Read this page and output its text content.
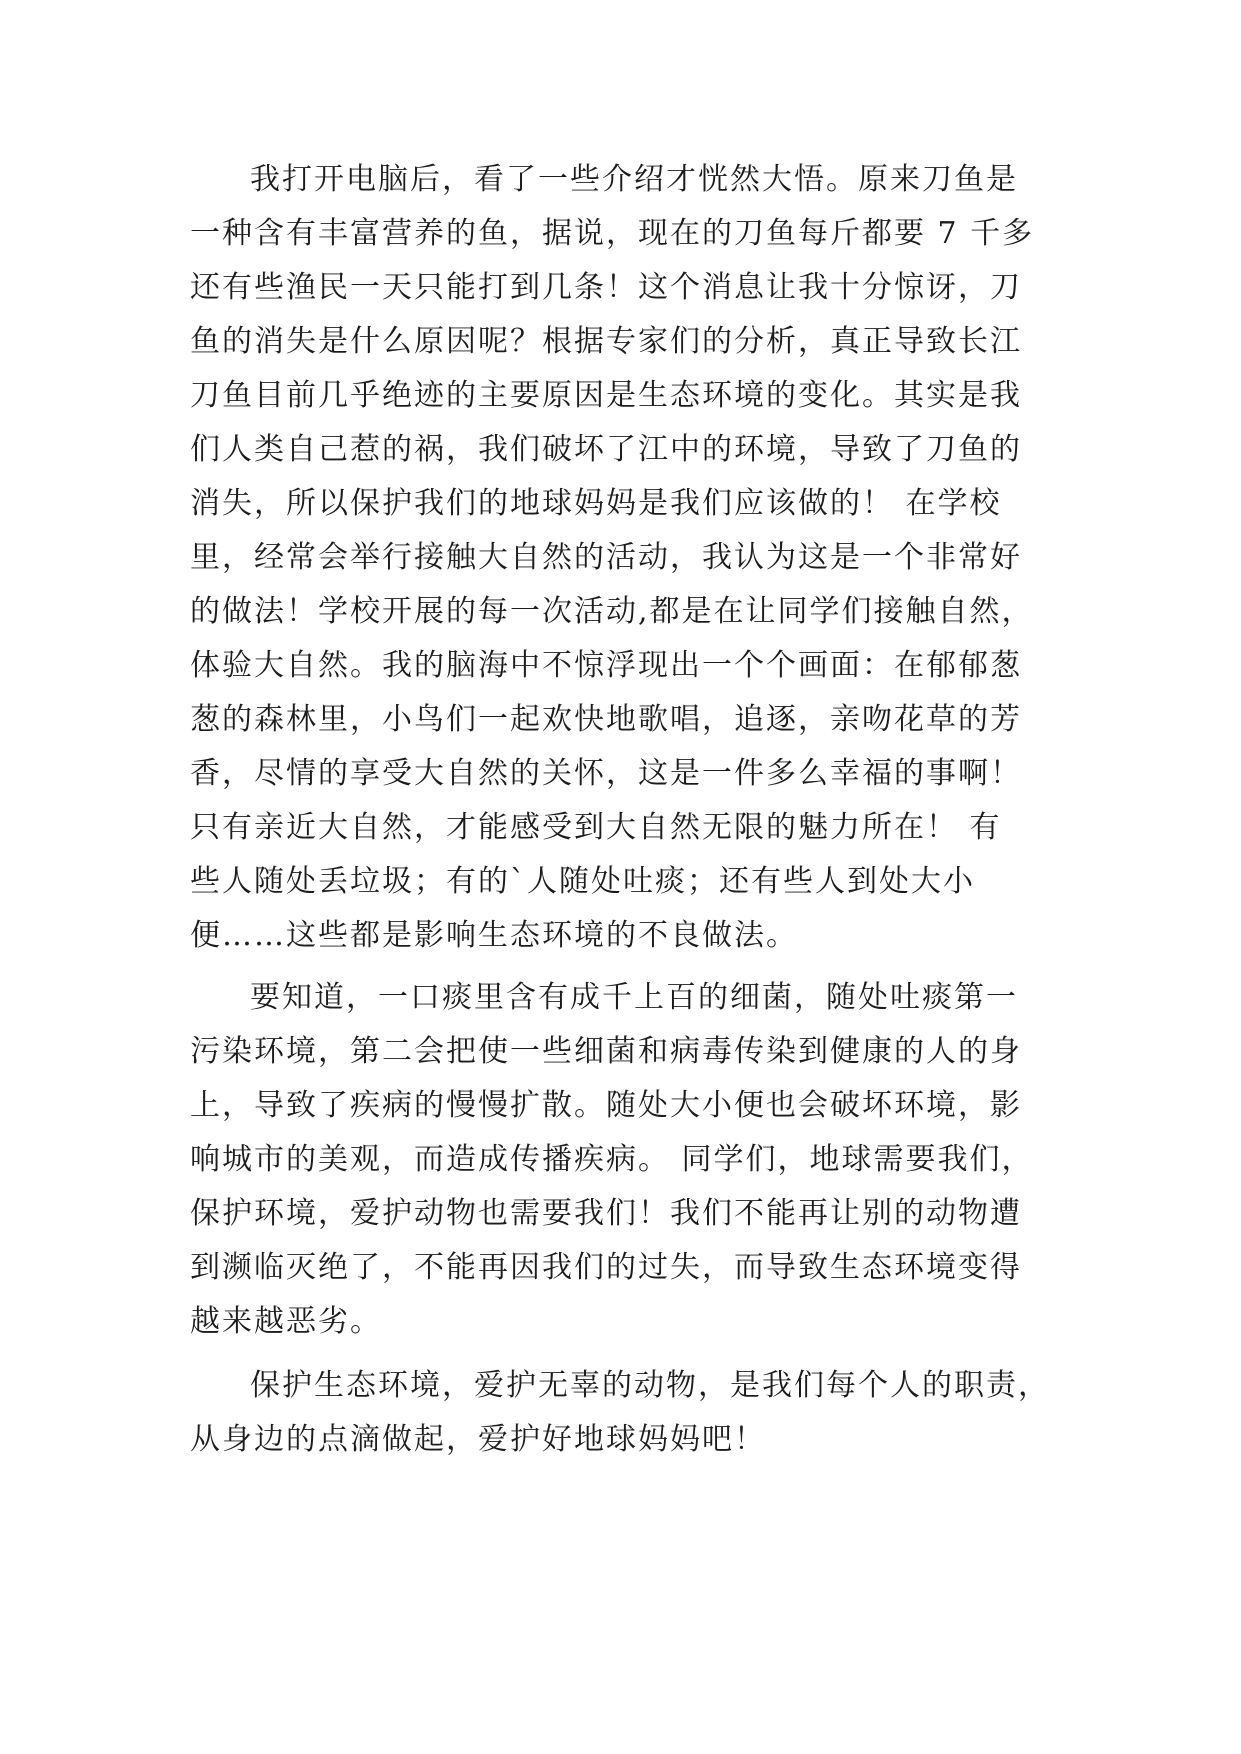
我打开电脑后，看了一些介绍才恍然大悟。原来刀鱼是
一种含有丰富营养的鱼，据说，现在的刀鱼每斤都要 7 千多
还有些渔民一天只能打到几条！这个消息让我十分惊讶，刀
鱼的消失是什么原因呢？根据专家们的分析，真正导致长江
刀鱼目前几乎绝迹的主要原因是生态环境的变化。其实是我
们人类自己惹的祸，我们破坏了江中的环境，导致了刀鱼的
消失，所以保护我们的地球妈妈是我们应该做的！ 在学校
里，经常会举行接触大自然的活动，我认为这是一个非常好
的做法！学校开展的每一次活动,都是在让同学们接触自然，
体验大自然。我的脑海中不惊浮现出一个个画面：在郁郁葱
葱的森林里，小鸟们一起欢快地歌唱，追逐，亲吻花草的芳
香，尽情的享受大自然的关怀，这是一件多么幸福的事啊！
只有亲近大自然，才能感受到大自然无限的魅力所在！ 有
些人随处丢垃圾；有的`人随处吐痰；还有些人到处大小
便……这些都是影响生态环境的不良做法。
要知道，一口痰里含有成千上百的细菌，随处吐痰第一
污染环境，第二会把使一些细菌和病毒传染到健康的人的身
上，导致了疾病的慢慢扩散。随处大小便也会破坏环境，影
响城市的美观，而造成传播疾病。 同学们，地球需要我们，
保护环境，爱护动物也需要我们！我们不能再让别的动物遭
到濒临灭绝了，不能再因我们的过失，而导致生态环境变得
越来越恶劣。
保护生态环境，爱护无辜的动物，是我们每个人的职责，
从身边的点滴做起，爱护好地球妈妈吧！
